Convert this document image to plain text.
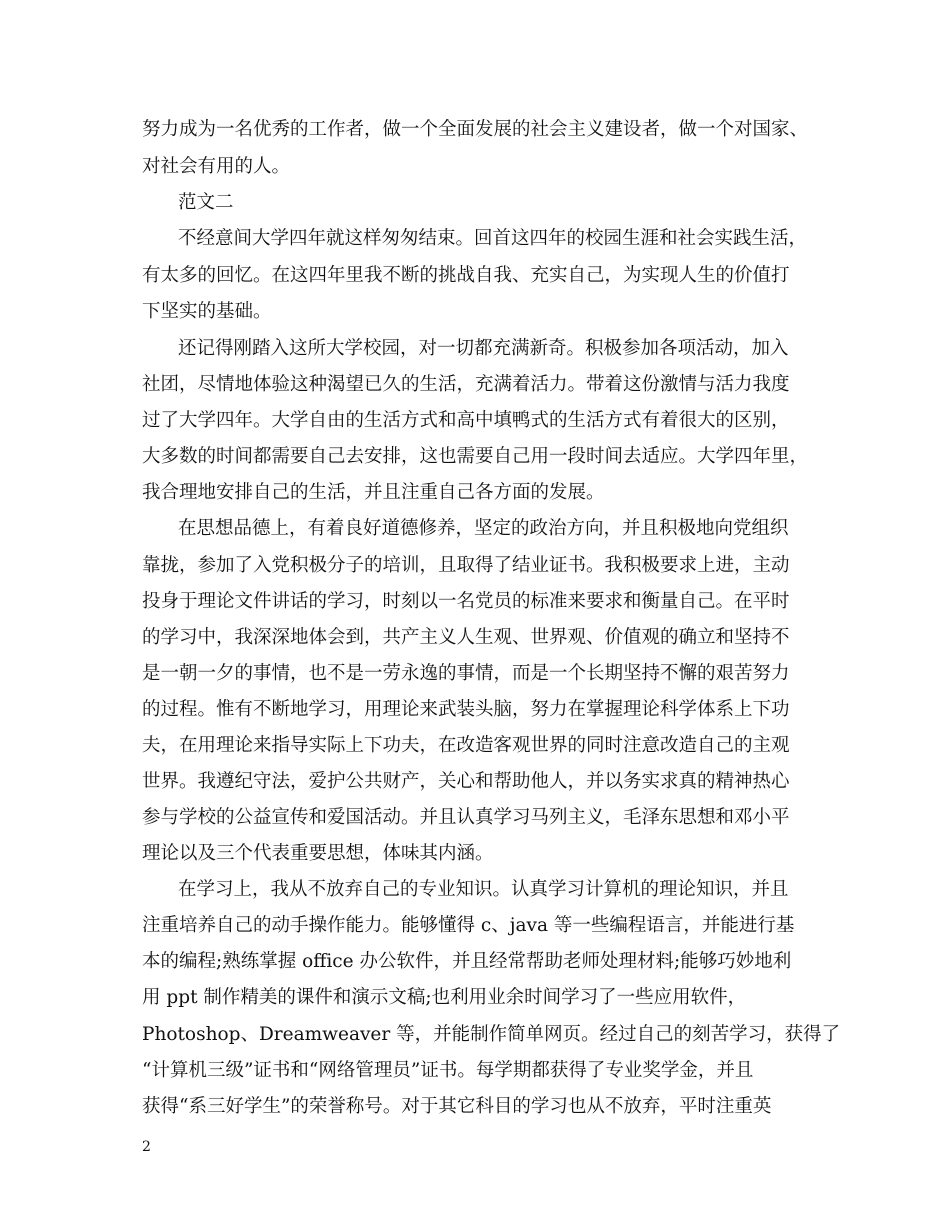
努力成为一名优秀的工作者，做一个全面发展的社会主义建设者，做一个对国家、
对社会有用的人。
范文二
不经意间大学四年就这样匆匆结束。回首这四年的校园生涯和社会实践生活，
有太多的回忆。在这四年里我不断的挑战自我、充实自己，为实现人生的价值打
下坚实的基础。
还记得刚踏入这所大学校园，对一切都充满新奇。积极参加各项活动，加入
社团，尽情地体验这种渴望已久的生活，充满着活力。带着这份激情与活力我度
过了大学四年。大学自由的生活方式和高中填鸭式的生活方式有着很大的区别，
大多数的时间都需要自己去安排，这也需要自己用一段时间去适应。大学四年里，
我合理地安排自己的生活，并且注重自己各方面的发展。
在思想品德上，有着良好道德修养，坚定的政治方向，并且积极地向党组织
靠拢，参加了入党积极分子的培训，且取得了结业证书。我积极要求上进，主动
投身于理论文件讲话的学习，时刻以一名党员的标准来要求和衡量自己。在平时
的学习中，我深深地体会到，共产主义人生观、世界观、价值观的确立和坚持不
是一朝一夕的事情，也不是一劳永逸的事情，而是一个长期坚持不懈的艰苦努力
的过程。惟有不断地学习，用理论来武装头脑，努力在掌握理论科学体系上下功
夫，在用理论来指导实际上下功夫，在改造客观世界的同时注意改造自己的主观
世界。我遵纪守法，爱护公共财产，关心和帮助他人，并以务实求真的精神热心
参与学校的公益宣传和爱国活动。并且认真学习马列主义，毛泽东思想和邓小平
理论以及三个代表重要思想，体味其内涵。
在学习上，我从不放弃自己的专业知识。认真学习计算机的理论知识，并且
注重培养自己的动手操作能力。能够懂得 c、java 等一些编程语言，并能进行基
本的编程;熟练掌握 office 办公软件，并且经常帮助老师处理材料;能够巧妙地利
用 ppt 制作精美的课件和演示文稿;也利用业余时间学习了一些应用软件，
Photoshop、Dreamweaver 等，并能制作简单网页。经过自己的刻苦学习，获得了
“计算机三级”证书和“网络管理员”证书。每学期都获得了专业奖学金，并且
获得“系三好学生”的荣誉称号。对于其它科目的学习也从不放弃，平时注重英
2
